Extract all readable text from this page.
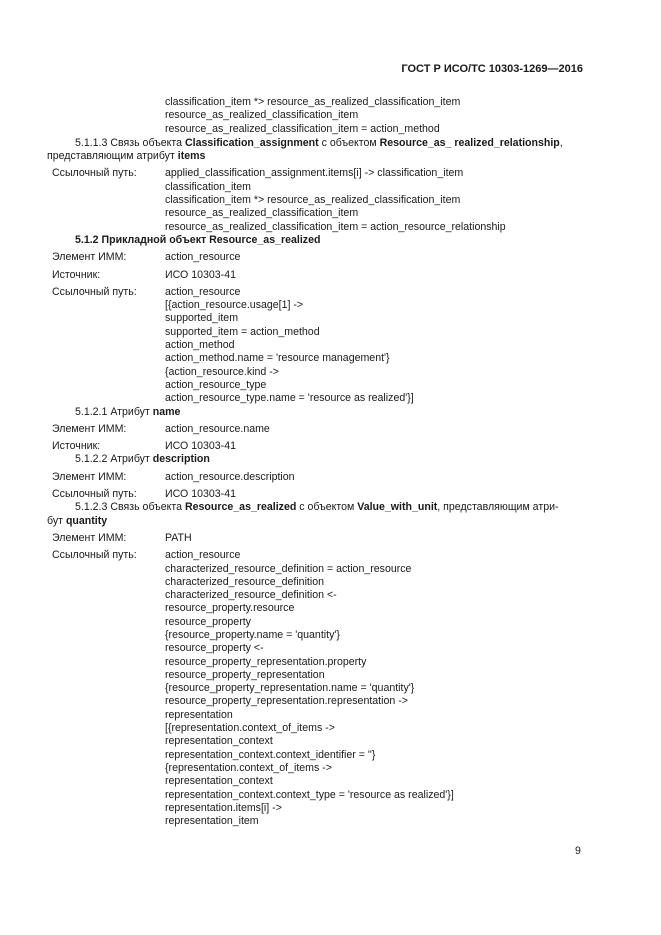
ГОСТ Р ИСО/ТС 10303-1269—2016
classification_item *> resource_as_realized_classification_item
resource_as_realized_classification_item
resource_as_realized_classification_item = action_method
5.1.1.3 Связь объекта Classification_assignment с объектом Resource_as_ realized_relationship, представляющим атрибут items
Ссылочный путь:	applied_classification_assignment.items[i] -> classification_item
classification_item
classification_item *> resource_as_realized_classification_item
resource_as_realized_classification_item
resource_as_realized_classification_item = action_resource_relationship
5.1.2 Прикладной объект Resource_as_realized
Элемент ИММ:	action_resource
Источник:	ИСО 10303-41
Ссылочный путь:	action_resource
[{action_resource.usage[1] ->
supported_item
supported_item = action_method
action_method
action_method.name = 'resource management'}
{action_resource.kind ->
action_resource_type
action_resource_type.name = 'resource as realized'}]
5.1.2.1 Атрибут name
Элемент ИММ:	action_resource.name
Источник:	ИСО 10303-41
5.1.2.2 Атрибут description
Элемент ИММ:	action_resource.description
Ссылочный путь:	ИСО 10303-41
5.1.2.3 Связь объекта Resource_as_realized с объектом Value_with_unit, представляющим атри-
бут quantity
Элемент ИММ:	PATH
Ссылочный путь:	action_resource
characterized_resource_definition = action_resource
characterized_resource_definition
characterized_resource_definition <-
resource_property.resource
resource_property
{resource_property.name = 'quantity'}
resource_property <-
resource_property_representation.property
resource_property_representation
{resource_property_representation.name = 'quantity'}
resource_property_representation.representation ->
representation
[{representation.context_of_items ->
representation_context
representation_context.context_identifier = ''}
{representation.context_of_items ->
representation_context
representation_context.context_type = 'resource as realized'}]
representation.items[i] ->
representation_item
9
